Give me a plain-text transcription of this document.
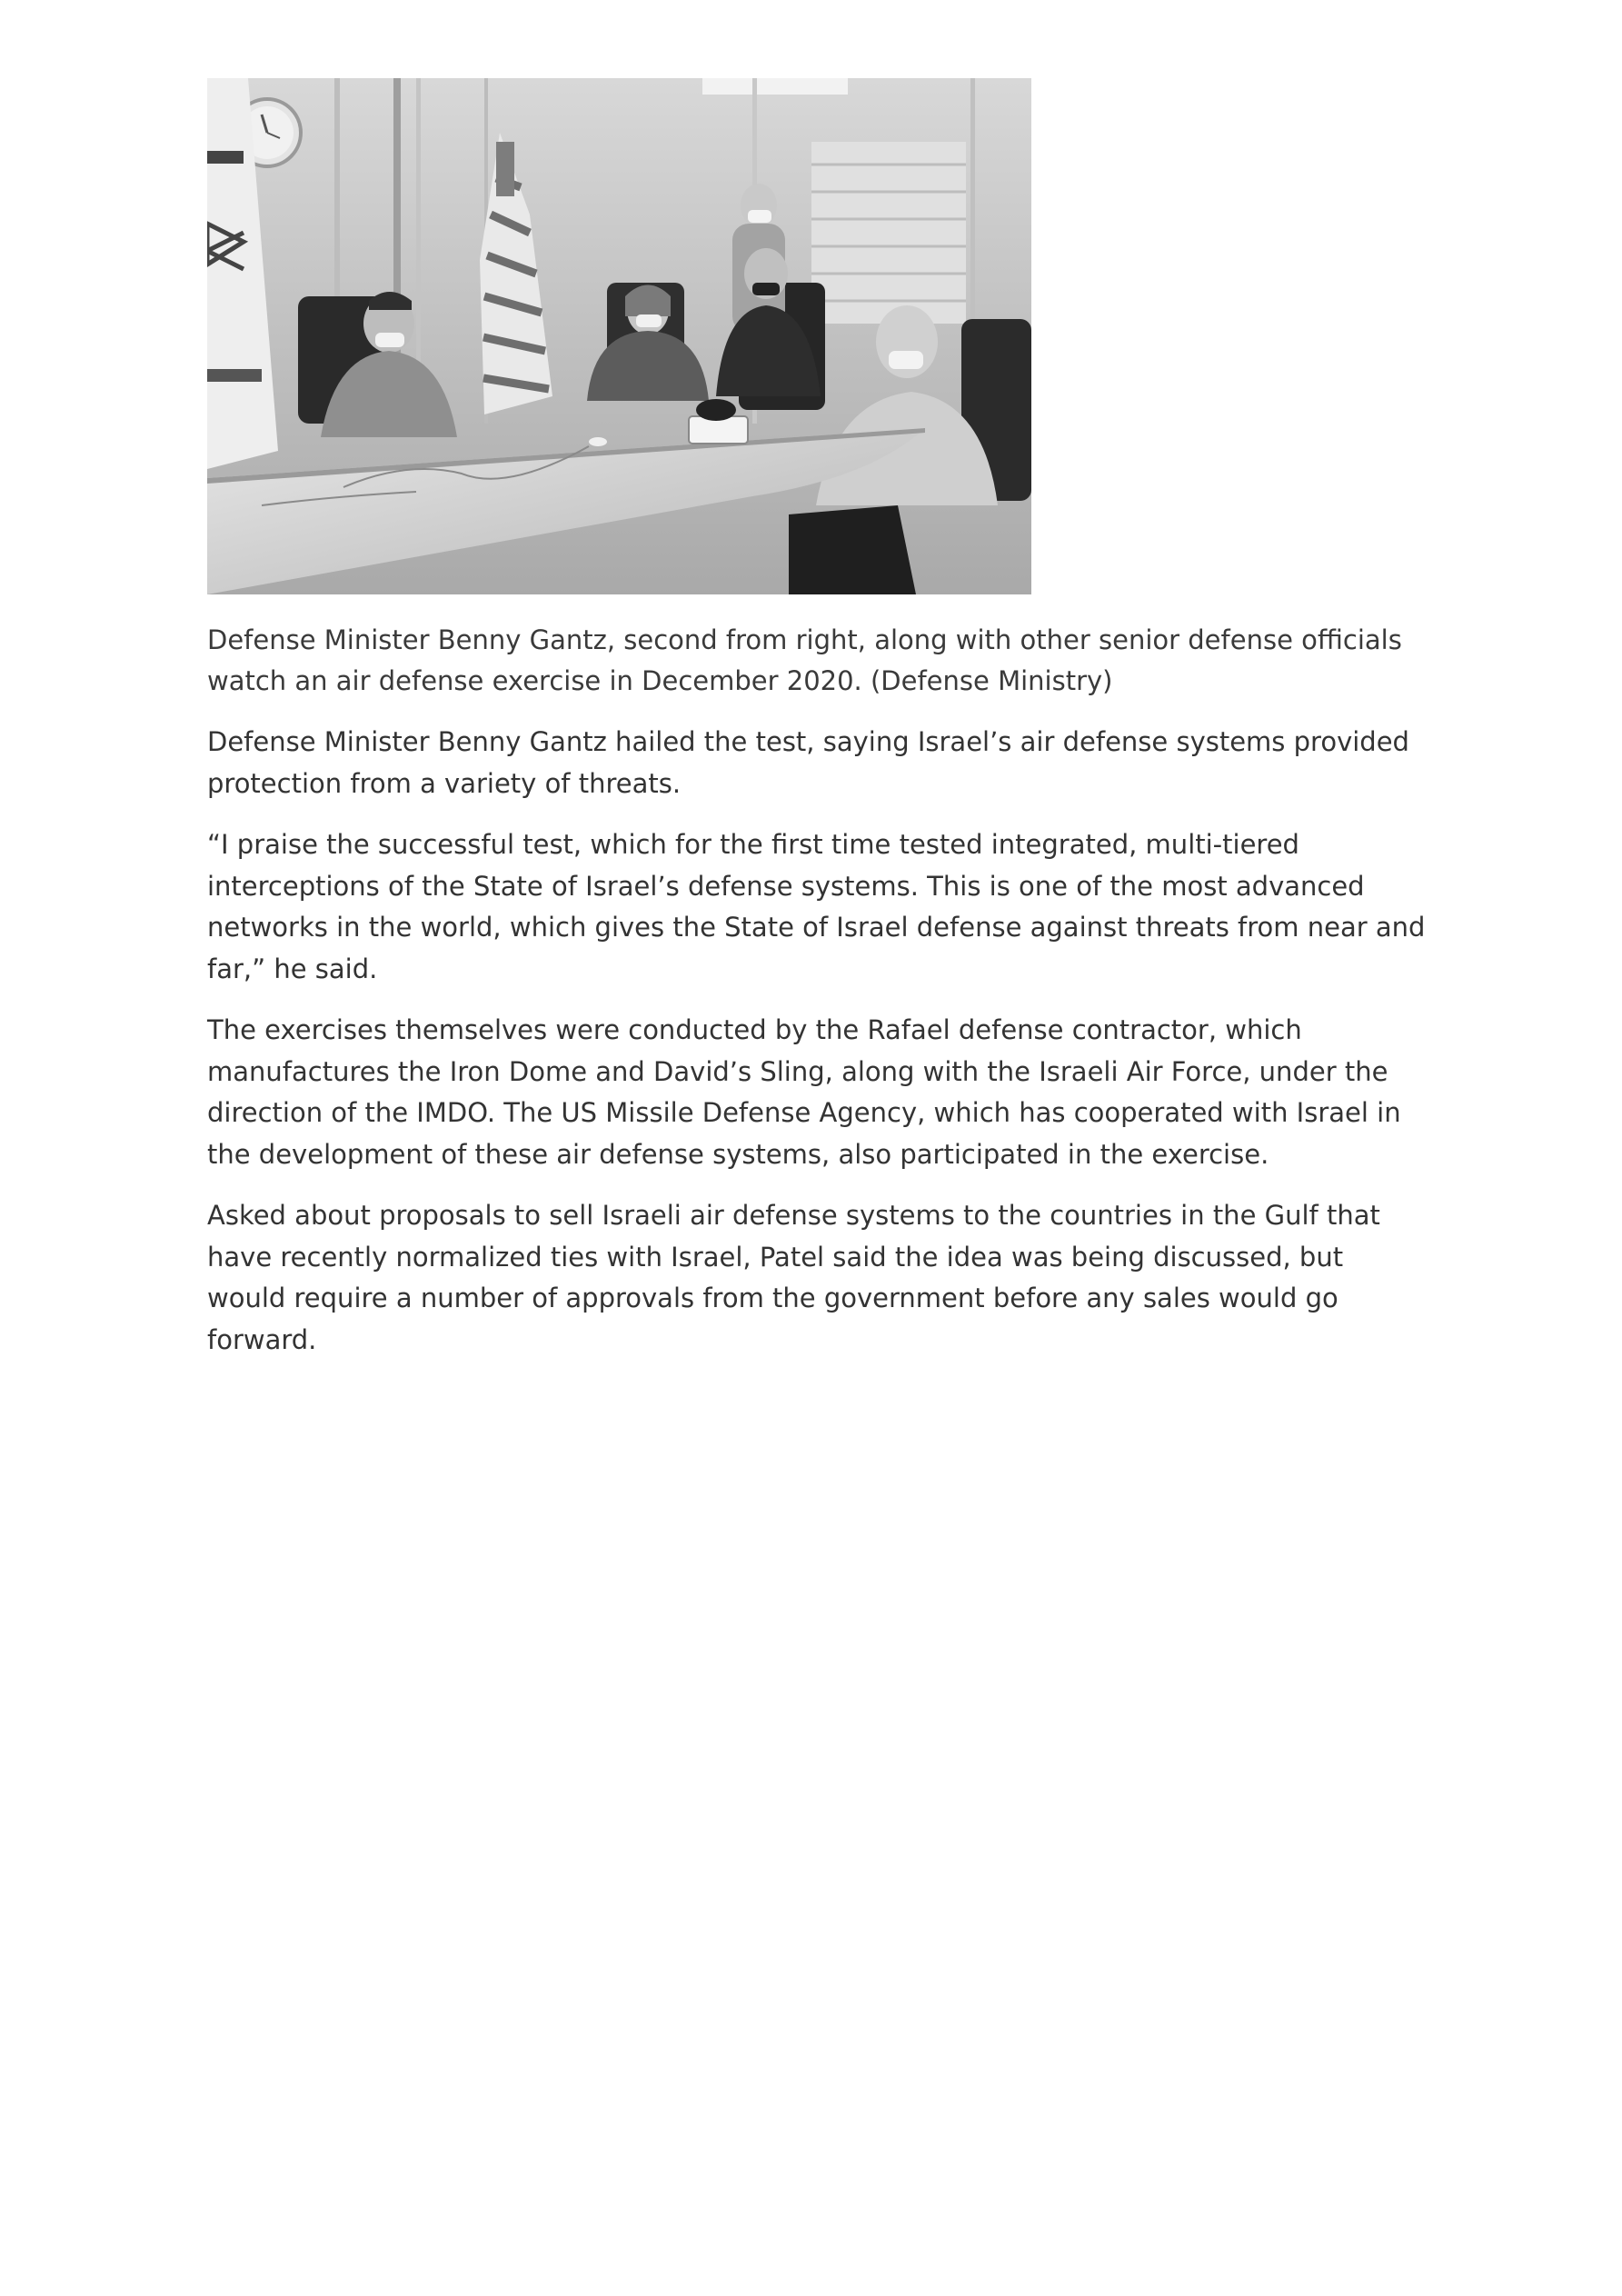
Defense Minister Benny Gantz, second from right, along with other senior defense officials watch an air defense exercise in December 2020. (Defense Ministry)

Defense Minister Benny Gantz hailed the test, saying Israel’s air defense systems provided protection from a variety of threats.

“I praise the successful test, which for the first time tested integrated, multi-tiered interceptions of the State of Israel’s defense systems. This is one of the most advanced networks in the world, which gives the State of Israel defense against threats from near and far,” he said.

The exercises themselves were conducted by the Rafael defense contractor, which manufactures the Iron Dome and David’s Sling, along with the Israeli Air Force, under the direction of the IMDO. The US Missile Defense Agency, which has cooperated with Israel in the development of these air defense systems, also participated in the exercise.

Asked about proposals to sell Israeli air defense systems to the countries in the Gulf that have recently normalized ties with Israel, Patel said the idea was being discussed, but would require a number of approvals from the government before any sales would go forward.
